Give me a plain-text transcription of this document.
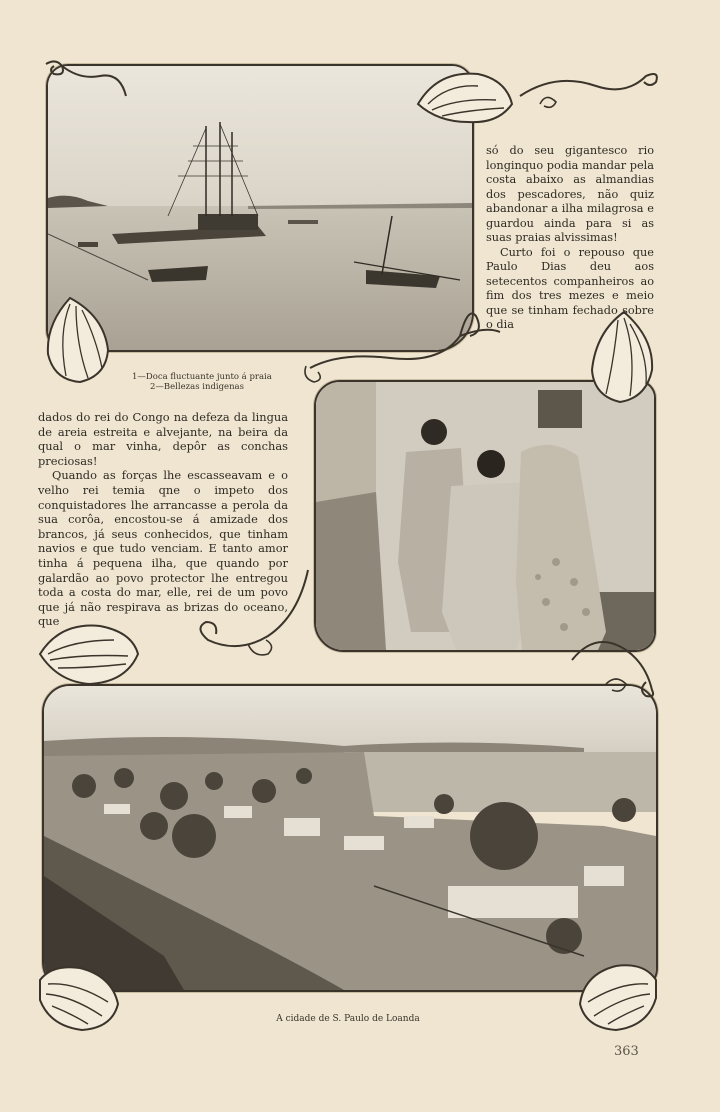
só do seu gigantesco rio longinquo podia mandar pela costa abaixo as almandias dos pescadores, não quiz abandonar a ilha milagrosa e guardou ainda para si as suas praias alvissimas!

Curto foi o repouso que Paulo Dias deu aos setecentos companheiros ao fim dos tres mezes e meio que se tinham fechado sobre o dia

dados do rei do Congo na defeza da lingua de areia estreita e alvejante, na beira da qual o mar vinha, depôr as conchas preciosas!

Quando as forças lhe escasseavam e o velho rei temia qne o impeto dos conquistadores lhe arrancasse a perola da sua corôa, encostou-se á amizade dos brancos, já seus conhecidos, que tinham navios e que tudo venciam. E tanto amor tinha á pequena ilha, que quando por galardão ao povo protector lhe entregou toda a costa do mar, elle, rei de um povo que já não respirava as brizas do oceano, que

1—Doca fluctuante junto á praia
2—Bellezas indigenas
A cidade de S. Paulo de Loanda
363
